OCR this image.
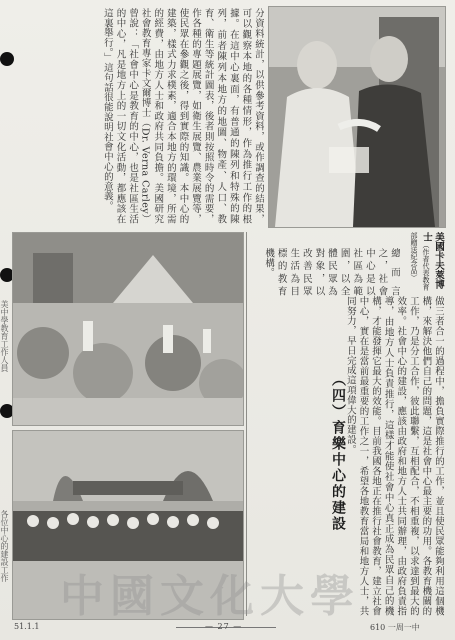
分資料統計，以供參考資料，或作調查的結果，可以觀察本地的各種情形，作為推行工作的根據。在這中心裏面，有普通的陳列和特殊的陳列，前者陳列本地方的地圖、物產、人口、教育、衛生等統計圖表，後者則按照時令的需要，作各種的專題展覽，如衛生展覽、農業展覽等，使民眾在參觀之後，得到實際的知識。本中心的建築，樣式力求樸素，適合本地方的環境，所需的經費，由地方人士和政府共同負擔。美國研究社會教育專家卡文爾博士（Dr. Verna Carley）曾說：「社會中心是教育的中心，也是社區生活的中心，凡是地方上的一切文化活動，都應該在這裏舉行。」這句話很能說明社會中心的意義。
美中學教育工作人員
各位中心的建設工作
美國卡夫萊博士（作者代表教育部贈送紀念品）
總而言之，社會中心是以社區為範圍，以全體民眾為對象，以改善民眾生活為目標的教育機構。
做三者合一的過程中，擔負實際推行的工作，並且使民眾能夠利用這個機構，來解決他們自己的問題，這是社會中心最主要的功用。各教育機關的工作，乃是分工合作，彼此聯繫，互相配合，不相重複，以求達到最大的效率。社會中心的建設，應該由政府和地方人士共同辦理，由政府負責指導，由地方人士負責推行，這樣才能使社會中心真正成為民眾自己的機構，才能發揮它最大的效能。目前我國各地正在推行社會教育，建立社會中心，實在是當前最重要的工作之一，希望各地教育當局和地方人士，共同努力，早日完成這項偉大的建設。
（四）育樂中心的建設
中國文化大學
51.1.1	— 27 —	610 一周一中
